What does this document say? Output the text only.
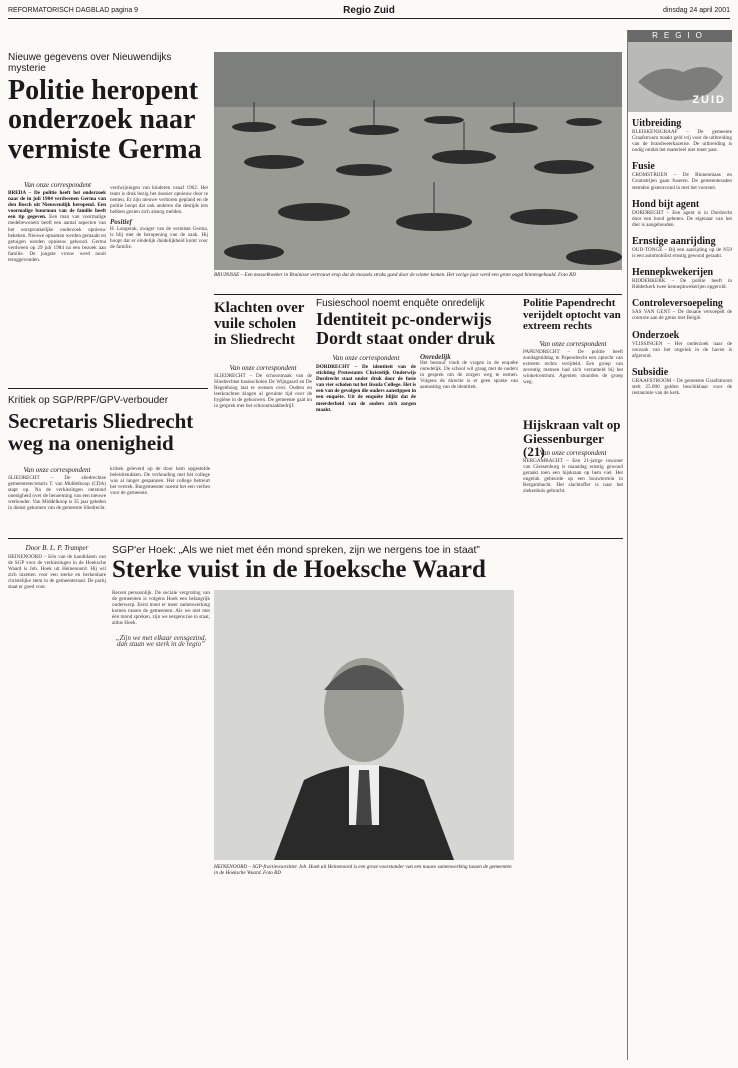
REFORMATORISCH DAGBLAD pagina 9	Regio Zuid	dinsdag 24 april 2001
Nieuwe gegevens over Nieuwendijks mysterie
Politie heropent onderzoek naar vermiste Germa
Van onze correspondent
BREDA – De politie heeft het onderzoek naar de in juli 1984 verdwenen Germa van den Bosch uit Nieuwendijk heropend. Een voormalige buurman van de familie heeft een tip gegeven. Een man van voormalige medebewoners heeft een aantal aspecten van het oorspronkelijke onderzoek opnieuw bekeken. Nieuwe opnamen werden gemaakt en getuigen werden opnieuw gehoord. Germa verdween op 29 juli 1984 na een bezoek aan familie. De jongste vrouw werd nooit teruggevonden.
verdwijningen van kinderen vanaf 1962. Het team is druk bezig het dossier opnieuw door te nemen. Er zijn nieuwe verhoren gepland en de politie hoopt dat ook anderen die destijds iets hebben gezien zich alsnog melden.
Positief
H. Langerak, zwager van de vermiste Germa, is blij met de heropening van de zaak. Hij hoopt dat er eindelijk duidelijkheid komt voor de familie.
BRUINISSE – Een mosselkweker in Bruinisse vertrouwt erop dat de mossels straks goed door de winter komen. Het vorige jaar werd een grote oogst binnengehaald. Foto RD
Klachten over vuile scholen in Sliedrecht
Van onze correspondent
SLIEDRECHT – De schoonmaak van de Sliedrechtse basisscholen De Wijngaard en De Regenboog laat te wensen over. Ouders en leerkrachten klagen al geruime tijd over de hygiëne in de gebouwen. De gemeente gaat nu in gesprek met het schoonmaakbedrijf.
Fusieschool noemt enquête onredelijk
Identiteit pc-onderwijs Dordt staat onder druk
Van onze correspondent
DORDRECHT – De identiteit van de stichting Protestants Christelijk Onderwijs Dordrecht staat onder druk door de fusie van vier scholen tot het Insula College. Het is een van de gevolgen die ouders aanstippen in een enquête. Uit de enquête blijkt dat de meerderheid van de ouders zich zorgen maakt.
Onredelijk
Het bestuur vindt de vragen in de enquête onredelijk. De school wil graag met de ouders in gesprek om de zorgen weg te nemen. Volgens de directie is er geen sprake van aantasting van de identiteit.
Politie Papendrecht verijdelt optocht van extreem rechts
Van onze correspondent
PAPENDRECHT – De politie heeft zondagmiddag in Papendrecht een optocht van extreem rechts verijdeld. Een groep van zeventig mensen had zich verzameld bij het winkelcentrum. Agenten stuurden de groep weg.
Hijskraan valt op Giessenburger (21)
Van onze correspondent
BERGAMBACHT – Een 21-jarige inwoner van Giessenburg is maandag ernstig gewond geraakt toen een hijskraan op hem viel. Het ongeluk gebeurde op een bouwterrein in Bergambacht. Het slachtoffer is naar het ziekenhuis gebracht.
Kritiek op SGP/RPF/GPV-verbouder
Secretaris Sliedrecht weg na onenigheid
Van onze correspondent
SLIEDRECHT – De sliedrechtse gemeentesecretaris T. van Middelkoop (CDA) stapt op. Na de verkiezingen ontstond onenigheid over de benoeming van een nieuwe wethouder. Van Middelkoop is 35 jaar geleden in dienst gekomen van de gemeente Sliedrecht.
kritiek geleverd op de door hem opgestelde beleidsstukken. De verhouding met het college was al langer gespannen. Het college betreurt het vertrek. Burgemeester noemt het een verlies voor de gemeente.
Door B. L. P. Tramper
HEINENOORD – Eén van de kandidaten van de SGP voor de verkiezingen in de Hoeksche Waard is Joh. Hoek uit Heinenoord. Hij wil zich inzetten voor een sterke en herkenbare christelijke stem in de gemeenteraad. De partij staat er goed voor.
SGP'er Hoek: „Als we niet met één mond spreken, zijn we nergens toe in staat”
Sterke vuist in de Hoeksche Waard
Recent persoonlijk. De sociale vergroting van de gemeenten is volgens Hoek een belangrijk onderwerp. Eerst moet er meer samenwerking komen tussen de gemeenten. Als we niet met één mond spreken, zijn we nergens toe in staat, aldus Hoek.
„Zijn we met elkaar eensgezind, dan staan we sterk in de regio”
HEINENOORD – SGP-fractievoorzitter Joh. Hoek uit Heinenoord is een groot voorstander van een nauwe samenwerking tussen de gemeenten in de Hoeksche Waard. Foto RD
REGIO
ZUID
Uitbreiding
BLEISKENSGRAAF – De gemeente Graafstroom maakt geld vrij voor de uitbreiding van de brandweerkazerne. De uitbreiding is nodig omdat het materieel niet meer past.
Fusie
CROMSTRIJEN – De Binnenmaas en Cromstrijen gaan fuseren. De gemeenteraden stemden gisteravond in met het voorstel.
Hond bijt agent
DORDRECHT – Een agent is in Dordrecht door een hond gebeten. De eigenaar van het dier is aangehouden.
Ernstige aanrijding
OUD-TONGE – Bij een aanrijding op de N59 is een automobilist ernstig gewond geraakt.
Hennepkwekerijen
RIDDERKERK – De politie heeft in Ridderkerk twee hennepkwekerijen opgerold.
Controleversoepeling
SAS VAN GENT – De douane versoepelt de controle aan de grens met België.
Onderzoek
VLISSINGEN – Het onderzoek naar de oorzaak van het ongeluk in de haven is afgerond.
Subsidie
GRAAFSTROOM – De gemeente Graafstroom stelt 25.000 gulden beschikbaar voor de restauratie van de kerk.
